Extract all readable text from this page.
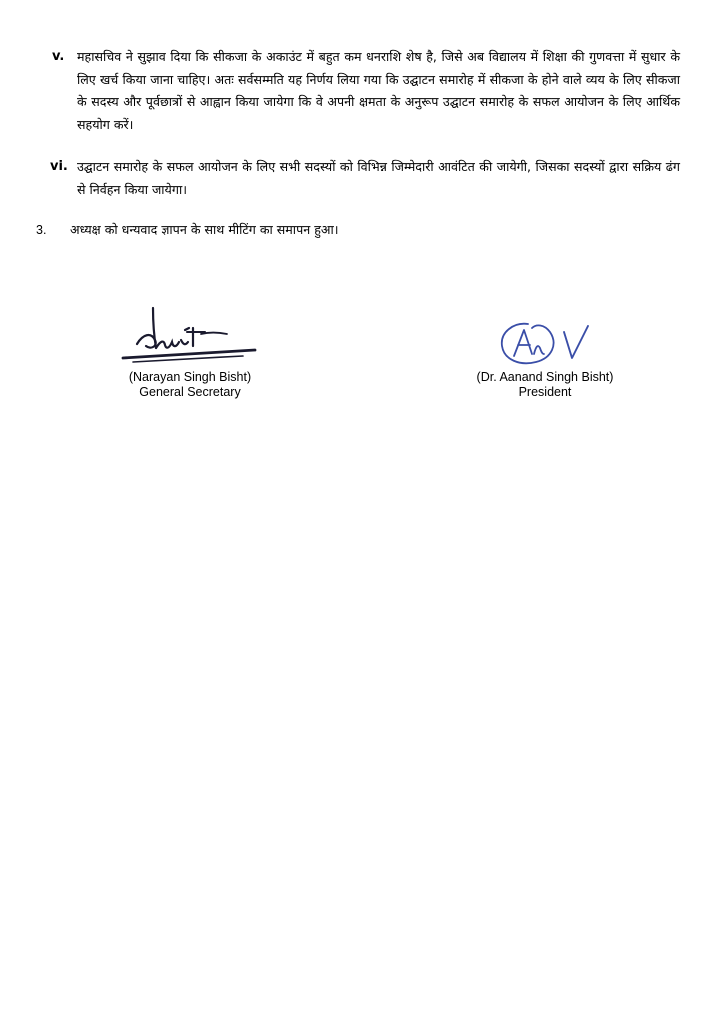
v.	महासचिव ने सुझाव दिया कि सीकजा के अकाउंट में बहुत कम धनराशि शेष है, जिसे अब विद्यालय में शिक्षा की गुणवत्ता में सुधार के लिए खर्च किया जाना चाहिए। अतः सर्वसम्मति यह निर्णय लिया गया कि उद्घाटन समारोह में सीकजा के होने वाले व्यय के लिए सीकजा के सदस्य और पूर्वछात्रों से आह्वान किया जायेगा कि वे अपनी क्षमता के अनुरूप उद्घाटन समारोह के सफल आयोजन के लिए आर्थिक सहयोग करें।
vi. उद्घाटन समारोह के सफल आयोजन के लिए सभी सदस्यों को विभिन्न जिम्मेदारी आवंटित की जायेगी, जिसका सदस्यों द्वारा सक्रिय ढंग से निर्वहन किया जायेगा।
3.	अध्यक्ष को धन्यवाद ज्ञापन के साथ मीटिंग का समापन हुआ।
(Narayan Singh Bisht)
General Secretary
(Dr. Aanand Singh Bisht)
President
